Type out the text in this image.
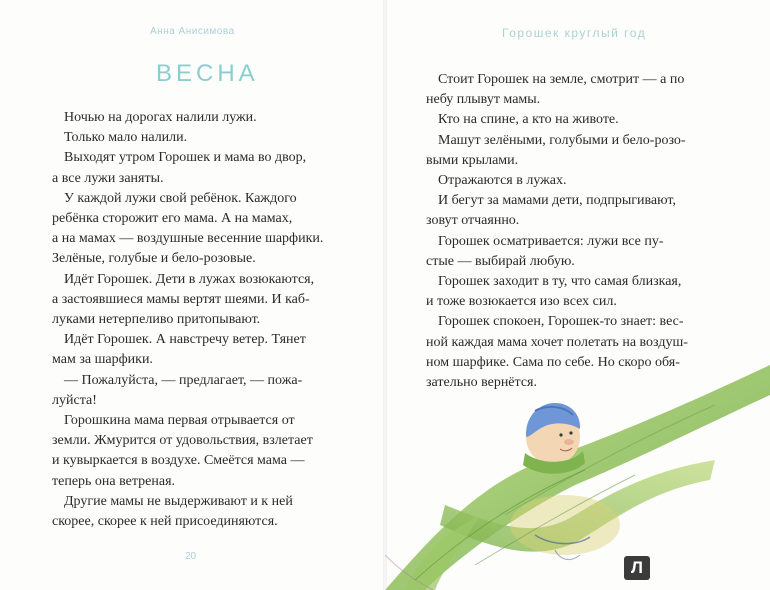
Анна Анисимова
ВЕСНА

Ночью на дорогах налили лужи.

Только мало налили.

Выходят утром Горошек и мама во двор,

а все лужи заняты.

У каждой лужи свой ребёнок. Каждого

ребёнка сторожит его мама. А на мамах,

а на мамах — воздушные весенние шарфики.

Зелёные, голубые и бело-розовые.

Идёт Горошек. Дети в лужах возюкаются,

а застоявшиеся мамы вертят шеями. И каб-

луками нетерпеливо притопывают.

Идёт Горошек. А навстречу ветер. Тянет

мам за шарфики.

— Пожалуйста, — предлагает, — пожа-

луйста!

Горошкина мама первая отрывается от

земли. Жмурится от удовольствия, взлетает

и кувыркается в воздухе. Смеётся мама —

теперь она ветреная.

Другие мамы не выдерживают и к ней

скорее, скорее к ней присоединяются.

20
Горошек круглый год

Стоит Горошек на земле, смотрит — а по

небу плывут мамы.

Кто на спине, а кто на животе.

Машут зелёными, голубыми и бело-розо-

выми крылами.

Отражаются в лужах.

И бегут за мамами дети, подпрыгивают,

зовут отчаянно.

Горошек осматривается: лужи все пу-

стые — выбирай любую.

Горошек заходит в ту, что самая близкая,

и тоже возюкается изо всех сил.

Горошек спокоен, Горошек-то знает: вес-

ной каждая мама хочет полетать на воздуш-

ном шарфике. Сама по себе. Но скоро обя-

зательно вернётся.

Л
